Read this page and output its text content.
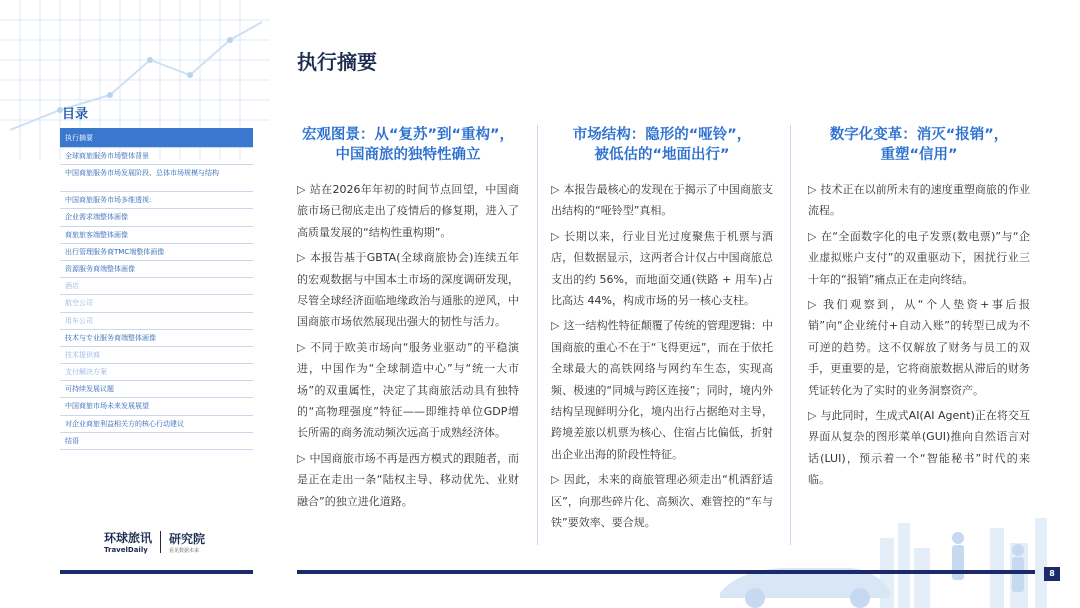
目录
执行摘要
全球商旅服务市场整体背景
中国商旅服务市场发展阶段、总体市场规模与结构
中国商旅服务市场多维透视:
企业需求端整体画像
商旅旅客端整体画像
出行管理服务商TMC端整体画像
资源服务商端整体画像
酒店
航空公司
用车公司
技术与专业服务商端整体画像
技术提供商
支付解决方案
可持续发展议题
中国商旅市场未来发展展望
对企业商旅利益相关方的核心行动建议
结语
环球旅讯
TravelDaily
研究院
看见数据未来
执行摘要
宏观图景：从“复苏”到“重构”，
中国商旅的独特性确立

▷ 站在2026年年初的时间节点回望，中国商旅市场已彻底走出了疫情后的修复期，进入了高质量发展的“结构性重构期”。

▷ 本报告基于GBTA(全球商旅协会)连续五年的宏观数据与中国本土市场的深度调研发现，尽管全球经济面临地缘政治与通胀的逆风，中国商旅市场依然展现出强大的韧性与活力。

▷ 不同于欧美市场向“服务业驱动”的平稳演进，中国作为“全球制造中心”与“统一大市场”的双重属性，决定了其商旅活动具有独特的“高物理强度”特征——即维持单位GDP增长所需的商务流动频次远高于成熟经济体。

▷ 中国商旅市场不再是西方模式的跟随者，而是正在走出一条“陆权主导、移动优先、业财融合”的独立进化道路。

市场结构：隐形的“哑铃”，
被低估的“地面出行”

▷ 本报告最核心的发现在于揭示了中国商旅支出结构的“哑铃型”真相。

▷ 长期以来，行业目光过度聚焦于机票与酒店，但数据显示，这两者合计仅占中国商旅总支出的约 56%，而地面交通(铁路 + 用车)占比高达 44%，构成市场的另一核心支柱。

▷ 这一结构性特征颠覆了传统的管理逻辑：中国商旅的重心不在于“飞得更远”，而在于依托全球最大的高铁网络与网约车生态，实现高频、极速的“同城与跨区连接”；同时，境内外结构呈现鲜明分化，境内出行占据绝对主导，跨境差旅以机票为核心、住宿占比偏低，折射出企业出海的阶段性特征。

▷ 因此，未来的商旅管理必须走出“机酒舒适区”，向那些碎片化、高频次、难管控的“车与铁”要效率、要合规。

数字化变革：消灭“报销”，
重塑“信用”

▷ 技术正在以前所未有的速度重塑商旅的作业流程。

▷ 在“全面数字化的电子发票(数电票)”与“企业虚拟账户支付”的双重驱动下，困扰行业三十年的“报销”痛点正在走向终结。

▷ 我们观察到，从“个人垫资+事后报销”向“企业统付+自动入账”的转型已成为不可逆的趋势。这不仅解放了财务与员工的双手，更重要的是，它将商旅数据从滞后的财务凭证转化为了实时的业务洞察资产。

▷ 与此同时，生成式AI(AI Agent)正在将交互界面从复杂的图形菜单(GUI)推向自然语言对话(LUI)，预示着一个“智能秘书”时代的来临。

8
